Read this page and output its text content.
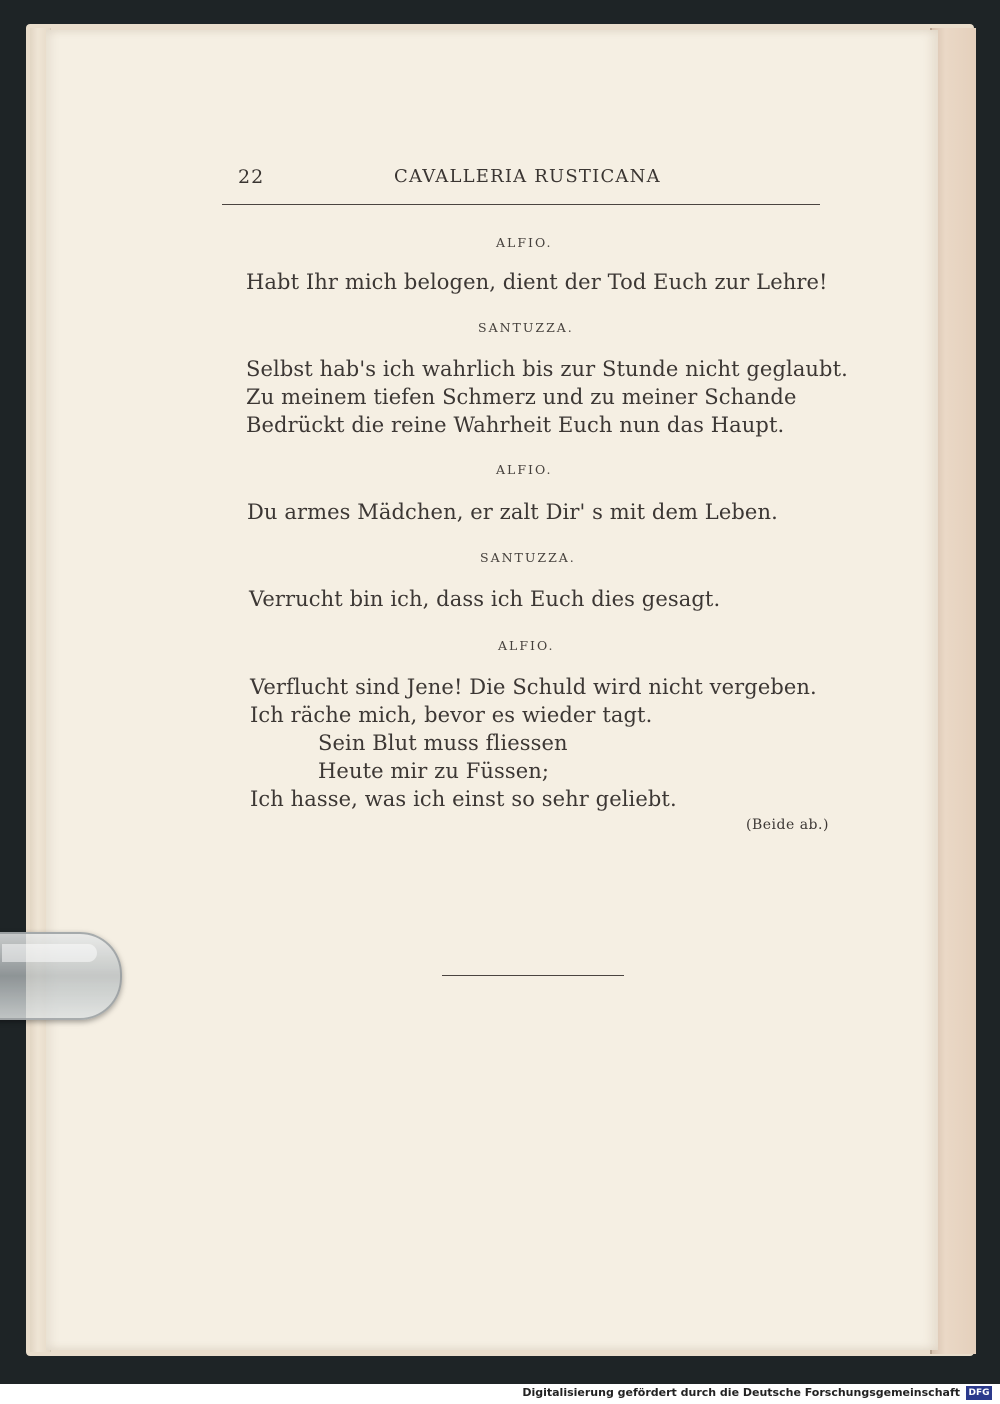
22	CAVALLERIA RUSTICANA
ALFIO.
Habt Ihr mich belogen, dient der Tod Euch zur Lehre!
SANTUZZA.
Selbst hab's ich wahrlich bis zur Stunde nicht geglaubt.
Zu meinem tiefen Schmerz und zu meiner Schande
Bedrückt die reine Wahrheit Euch nun das Haupt.
ALFIO.
Du armes Mädchen, er zalt Dir' s mit dem Leben.
SANTUZZA.
Verrucht bin ich, dass ich Euch dies gesagt.
ALFIO.
Verflucht sind Jene! Die Schuld wird nicht vergeben.
Ich räche mich, bevor es wieder tagt.
Sein Blut muss fliessen
Heute mir zu Füssen;
Ich hasse, was ich einst so sehr geliebt.
(Beide ab.)
Digitalisierung gefördert durch die Deutsche Forschungsgemeinschaft DFG
